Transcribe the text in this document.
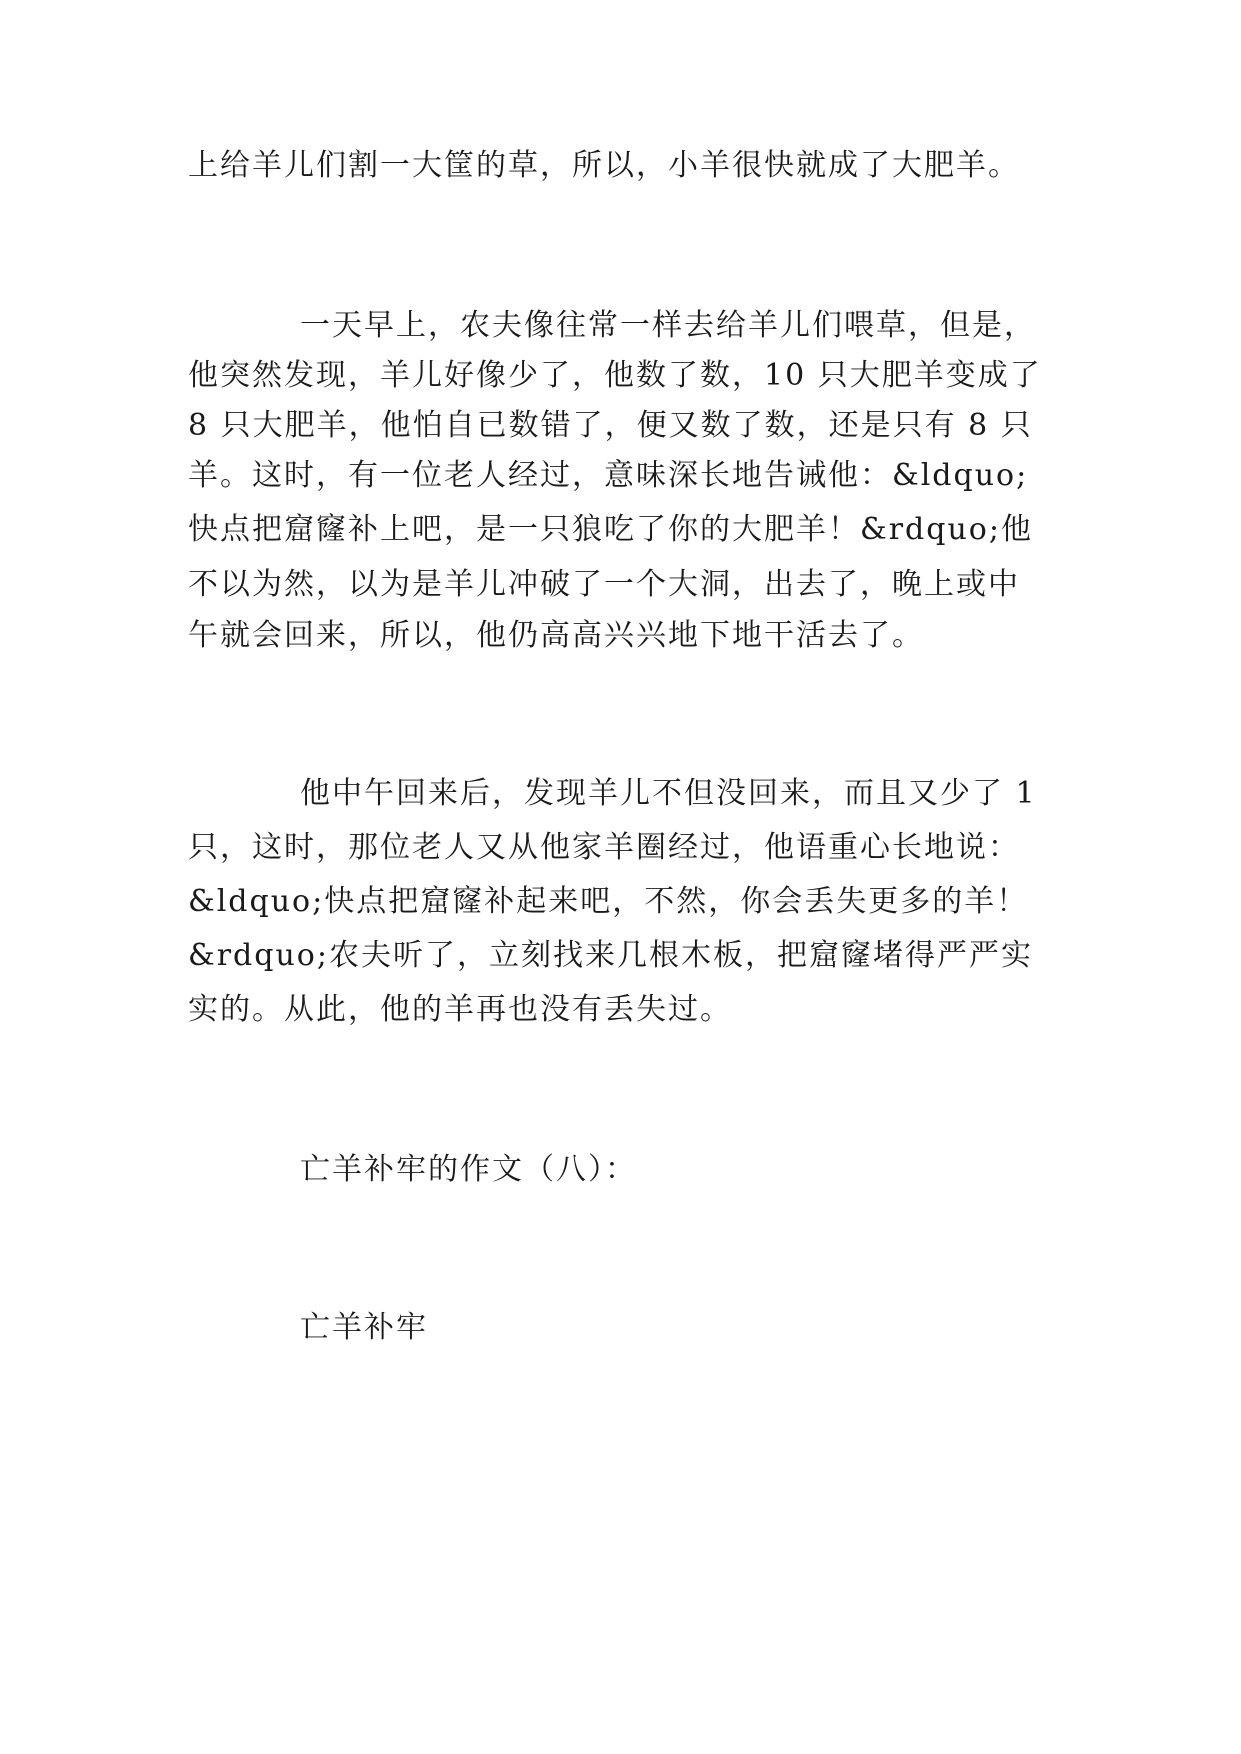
上给羊儿们割一大筐的草，所以，小羊很快就成了大肥羊。
一天早上，农夫像往常一样去给羊儿们喂草，但是，
他突然发现，羊儿好像少了，他数了数，10 只大肥羊变成了
8 只大肥羊，他怕自已数错了，便又数了数，还是只有 8 只
羊。这时，有一位老人经过，意味深长地告诫他：&ldquo;
快点把窟窿补上吧，是一只狼吃了你的大肥羊！&rdquo;他
不以为然，以为是羊儿冲破了一个大洞，出去了，晚上或中
午就会回来，所以，他仍高高兴兴地下地干活去了。
他中午回来后，发现羊儿不但没回来，而且又少了 1
只，这时，那位老人又从他家羊圈经过，他语重心长地说：
&ldquo;快点把窟窿补起来吧，不然，你会丢失更多的羊！
&rdquo;农夫听了，立刻找来几根木板，把窟窿堵得严严实
实的。从此，他的羊再也没有丢失过。
亡羊补牢的作文（八）：
亡羊补牢
